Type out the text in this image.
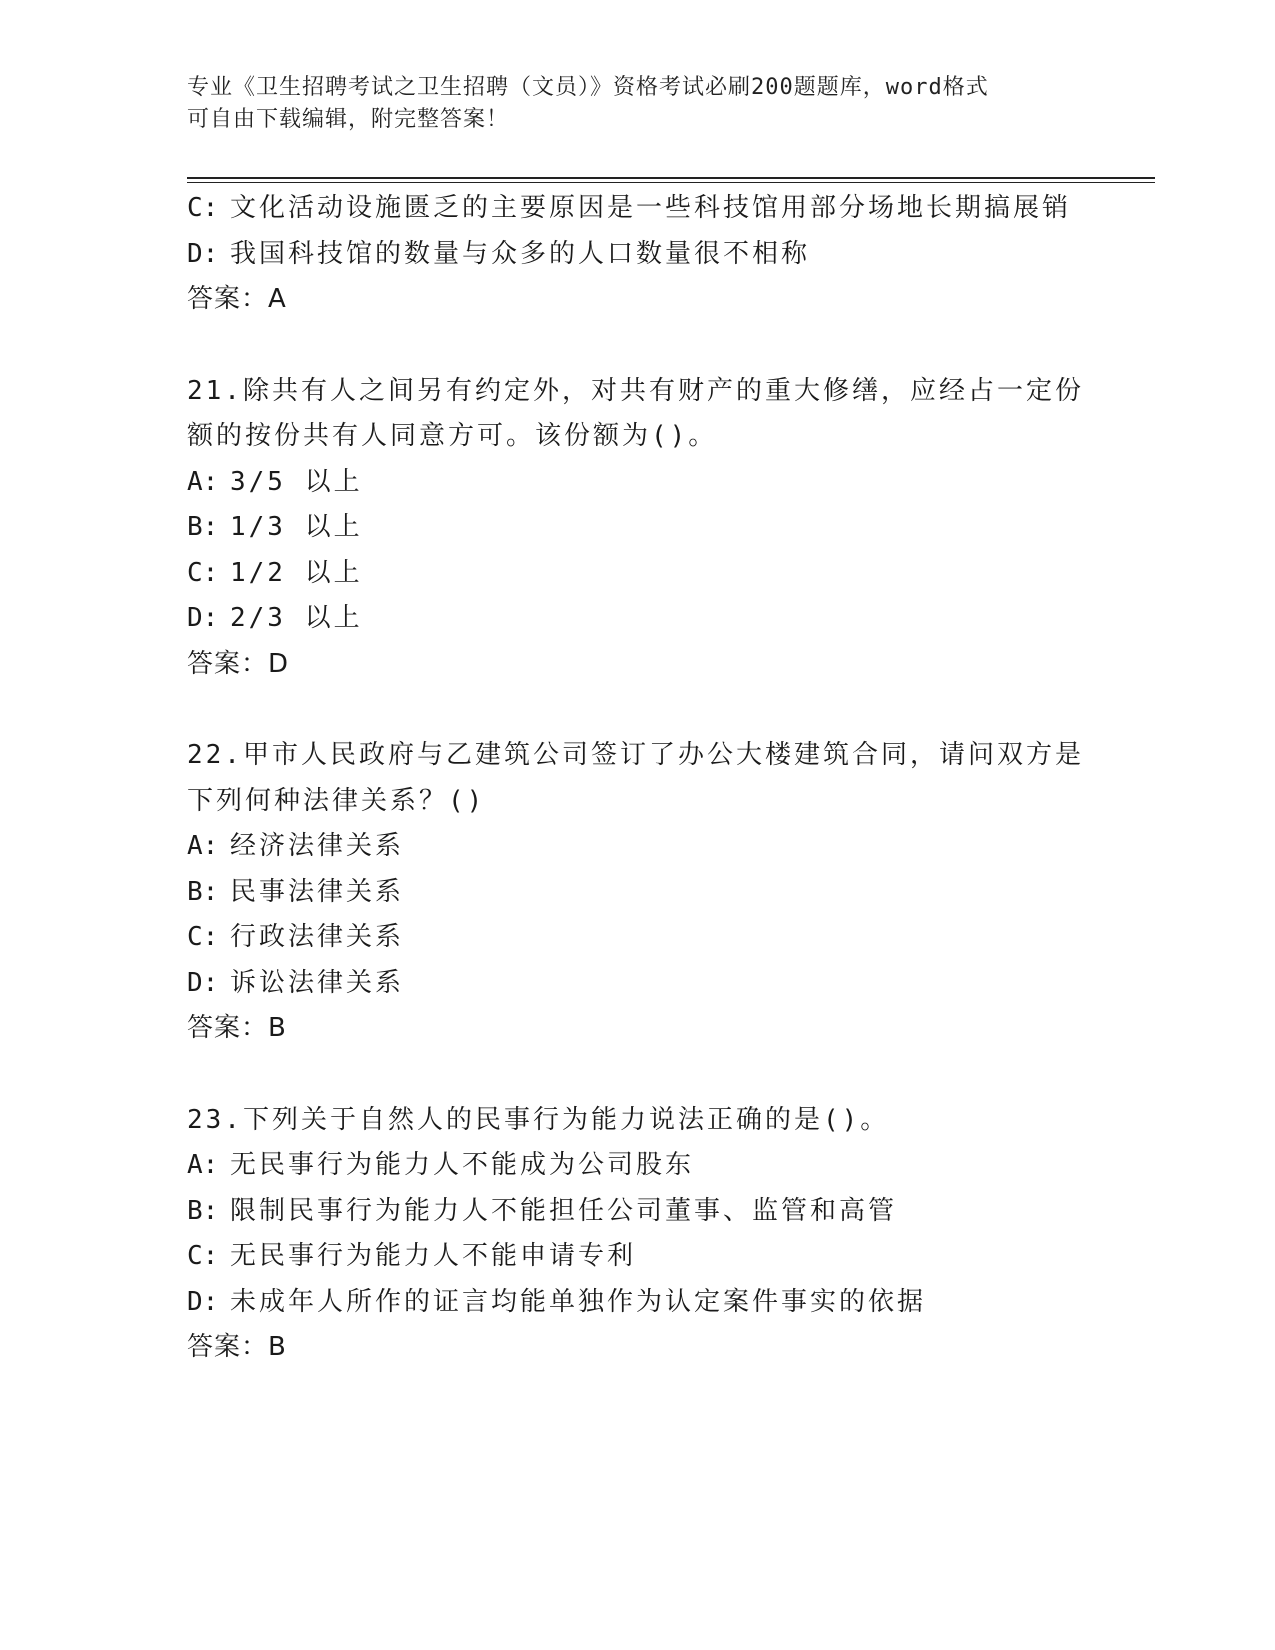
专业《卫生招聘考试之卫生招聘（文员）》资格考试必刷200题题库，word格式
可自由下载编辑，附完整答案！
C: 文化活动设施匮乏的主要原因是一些科技馆用部分场地长期搞展销
D: 我国科技馆的数量与众多的人口数量很不相称
答案：A
21.除共有人之间另有约定外，对共有财产的重大修缮，应经占一定份
额的按份共有人同意方可。该份额为()。
A: 3/5 以上
B: 1/3 以上
C: 1/2 以上
D: 2/3 以上
答案：D
22.甲市人民政府与乙建筑公司签订了办公大楼建筑合同，请问双方是
下列何种法律关系？()
A: 经济法律关系
B: 民事法律关系
C: 行政法律关系
D: 诉讼法律关系
答案：B
23.下列关于自然人的民事行为能力说法正确的是()。
A: 无民事行为能力人不能成为公司股东
B: 限制民事行为能力人不能担任公司董事、监管和高管
C: 无民事行为能力人不能申请专利
D: 未成年人所作的证言均能单独作为认定案件事实的依据
答案：B
